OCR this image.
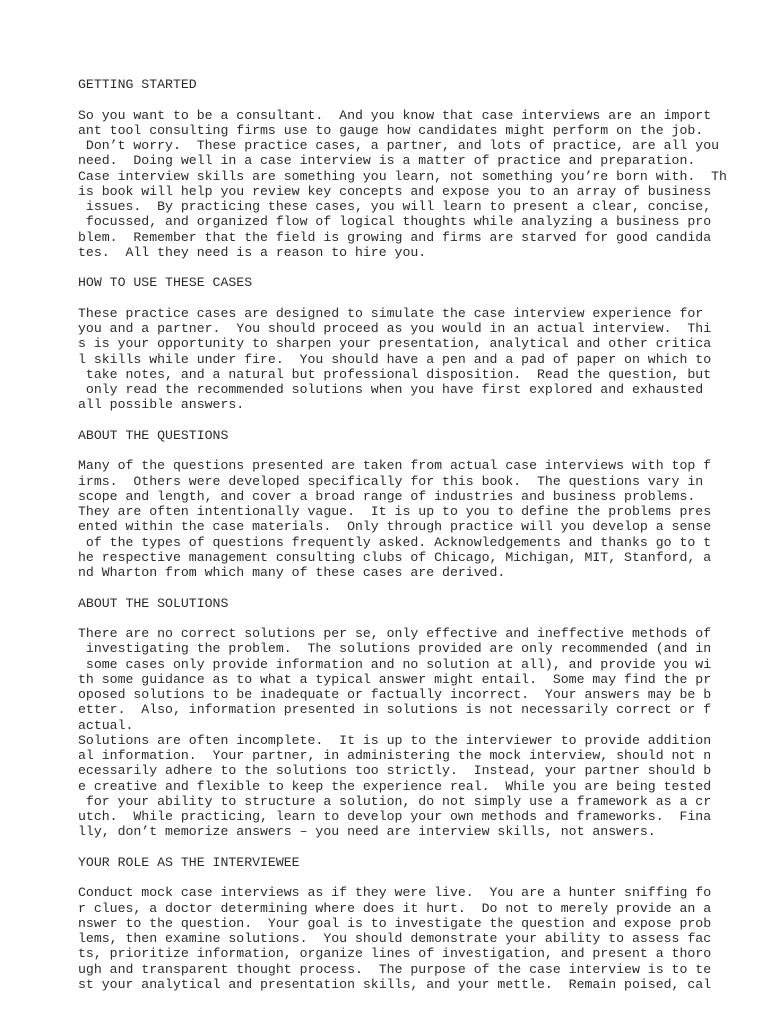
GETTING STARTED
So you want to be a consultant.  And you know that case interviews are an import
ant tool consulting firms use to gauge how candidates might perform on the job.
Don’t worry.  These practice cases, a partner, and lots of practice, are all you
need.  Doing well in a case interview is a matter of practice and preparation.
Case interview skills are something you learn, not something you’re born with.  Th
is book will help you review key concepts and expose you to an array of business
issues.  By practicing these cases, you will learn to present a clear, concise,
focussed, and organized flow of logical thoughts while analyzing a business pro
blem.  Remember that the field is growing and firms are starved for good candida
tes.  All they need is a reason to hire you.
HOW TO USE THESE CASES
These practice cases are designed to simulate the case interview experience for
you and a partner.  You should proceed as you would in an actual interview.  Thi
s is your opportunity to sharpen your presentation, analytical and other critica
l skills while under fire.  You should have a pen and a pad of paper on which to
take notes, and a natural but professional disposition.  Read the question, but
only read the recommended solutions when you have first explored and exhausted
all possible answers.
ABOUT THE QUESTIONS
Many of the questions presented are taken from actual case interviews with top f
irms.  Others were developed specifically for this book.  The questions vary in
scope and length, and cover a broad range of industries and business problems.
They are often intentionally vague.  It is up to you to define the problems pres
ented within the case materials.  Only through practice will you develop a sense
of the types of questions frequently asked. Acknowledgements and thanks go to t
he respective management consulting clubs of Chicago, Michigan, MIT, Stanford, a
nd Wharton from which many of these cases are derived.
ABOUT THE SOLUTIONS
There are no correct solutions per se, only effective and ineffective methods of
investigating the problem.  The solutions provided are only recommended (and in
some cases only provide information and no solution at all), and provide you wi
th some guidance as to what a typical answer might entail.  Some may find the pr
oposed solutions to be inadequate or factually incorrect.  Your answers may be b
etter.  Also, information presented in solutions is not necessarily correct or f
actual.
Solutions are often incomplete.  It is up to the interviewer to provide addition
al information.  Your partner, in administering the mock interview, should not n
ecessarily adhere to the solutions too strictly.  Instead, your partner should b
e creative and flexible to keep the experience real.  While you are being tested
for your ability to structure a solution, do not simply use a framework as a cr
utch.  While practicing, learn to develop your own methods and frameworks.  Fina
lly, don’t memorize answers – you need are interview skills, not answers.
YOUR ROLE AS THE INTERVIEWEE
Conduct mock case interviews as if they were live.  You are a hunter sniffing fo
r clues, a doctor determining where does it hurt.  Do not to merely provide an a
nswer to the question.  Your goal is to investigate the question and expose prob
lems, then examine solutions.  You should demonstrate your ability to assess fac
ts, prioritize information, organize lines of investigation, and present a thoro
ugh and transparent thought process.  The purpose of the case interview is to te
st your analytical and presentation skills, and your mettle.  Remain poised, cal
